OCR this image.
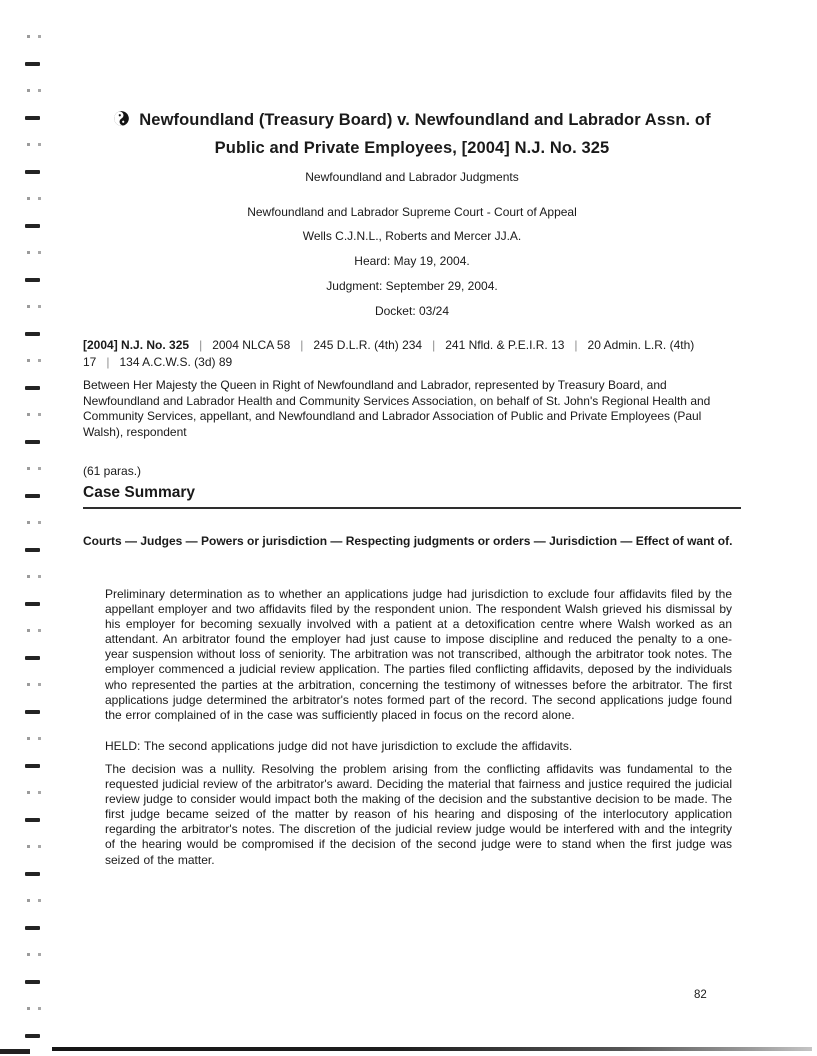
Newfoundland (Treasury Board) v. Newfoundland and Labrador Assn. of Public and Private Employees, [2004] N.J. No. 325
Newfoundland and Labrador Judgments
Newfoundland and Labrador Supreme Court - Court of Appeal
Wells C.J.N.L., Roberts and Mercer JJ.A.
Heard: May 19, 2004.
Judgment: September 29, 2004.
Docket: 03/24

[2004] N.J. No. 325 | 2004 NLCA 58 | 245 D.L.R. (4th) 234 | 241 Nfld. & P.E.I.R. 13 | 20 Admin. L.R. (4th) 17 | 134 A.C.W.S. (3d) 89

Between Her Majesty the Queen in Right of Newfoundland and Labrador, represented by Treasury Board, and Newfoundland and Labrador Health and Community Services Association, on behalf of St. John's Regional Health and Community Services, appellant, and Newfoundland and Labrador Association of Public and Private Employees (Paul Walsh), respondent

(61 paras.)

Case Summary

Courts — Judges — Powers or jurisdiction — Respecting judgments or orders — Jurisdiction — Effect of want of.

Preliminary determination as to whether an applications judge had jurisdiction to exclude four affidavits filed by the appellant employer and two affidavits filed by the respondent union. The respondent Walsh grieved his dismissal by his employer for becoming sexually involved with a patient at a detoxification centre where Walsh worked as an attendant. An arbitrator found the employer had just cause to impose discipline and reduced the penalty to a one-year suspension without loss of seniority. The arbitration was not transcribed, although the arbitrator took notes. The employer commenced a judicial review application. The parties filed conflicting affidavits, deposed by the individuals who represented the parties at the arbitration, concerning the testimony of witnesses before the arbitrator. The first applications judge determined the arbitrator's notes formed part of the record. The second applications judge found the error complained of in the case was sufficiently placed in focus on the record alone.

HELD: The second applications judge did not have jurisdiction to exclude the affidavits.

The decision was a nullity. Resolving the problem arising from the conflicting affidavits was fundamental to the requested judicial review of the arbitrator's award. Deciding the material that fairness and justice required the judicial review judge to consider would impact both the making of the decision and the substantive decision to be made. The first judge became seized of the matter by reason of his hearing and disposing of the interlocutory application regarding the arbitrator's notes. The discretion of the judicial review judge would be interfered with and the integrity of the hearing would be compromised if the decision of the second judge were to stand when the first judge was seized of the matter.

82
